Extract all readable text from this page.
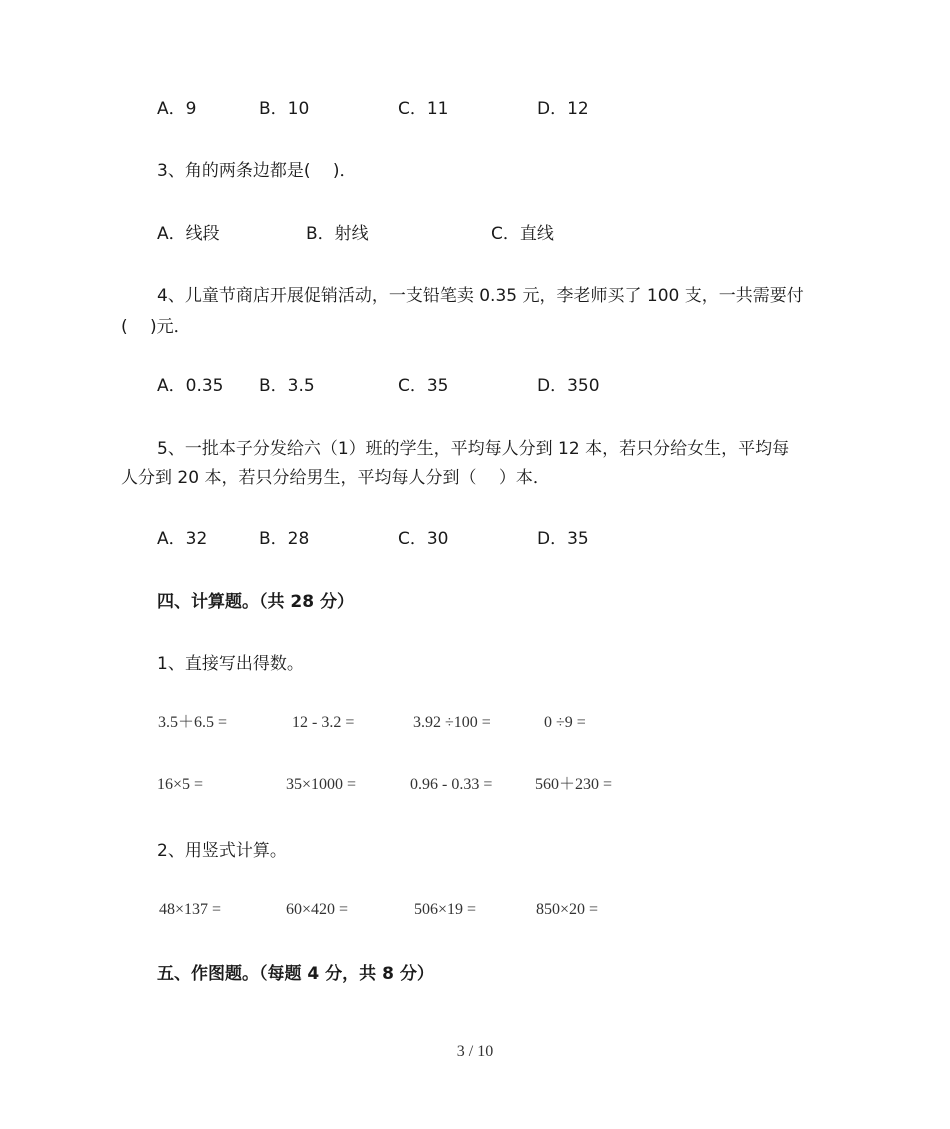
A．9	B．10	C．11	D．12
3、角的两条边都是(　 )．
A．线段	B．射线	C．直线
4、儿童节商店开展促销活动，一支铅笔卖 0.35 元，李老师买了 100 支，一共需要付
(　 )元．
A．0.35 B．3.5	C．35	D．350
5、一批本子分发给六（1）班的学生，平均每人分到 12 本，若只分给女生，平均每
人分到 20 本，若只分给男生，平均每人分到（　 ）本．
A．32	B．28	C．30	D．35
四、计算题。（共 28 分）
1、直接写出得数。
3.5＋6.5 =	12 - 3.2 =	3.92 ÷100 =	0 ÷9 =
16×5 =	35×1000 =	0.96 - 0.33 =	560＋230 =
2、用竖式计算。
48×137 =	60×420 =	506×19 =	850×20 =
五、作图题。（每题 4 分，共 8 分）
3 / 10
